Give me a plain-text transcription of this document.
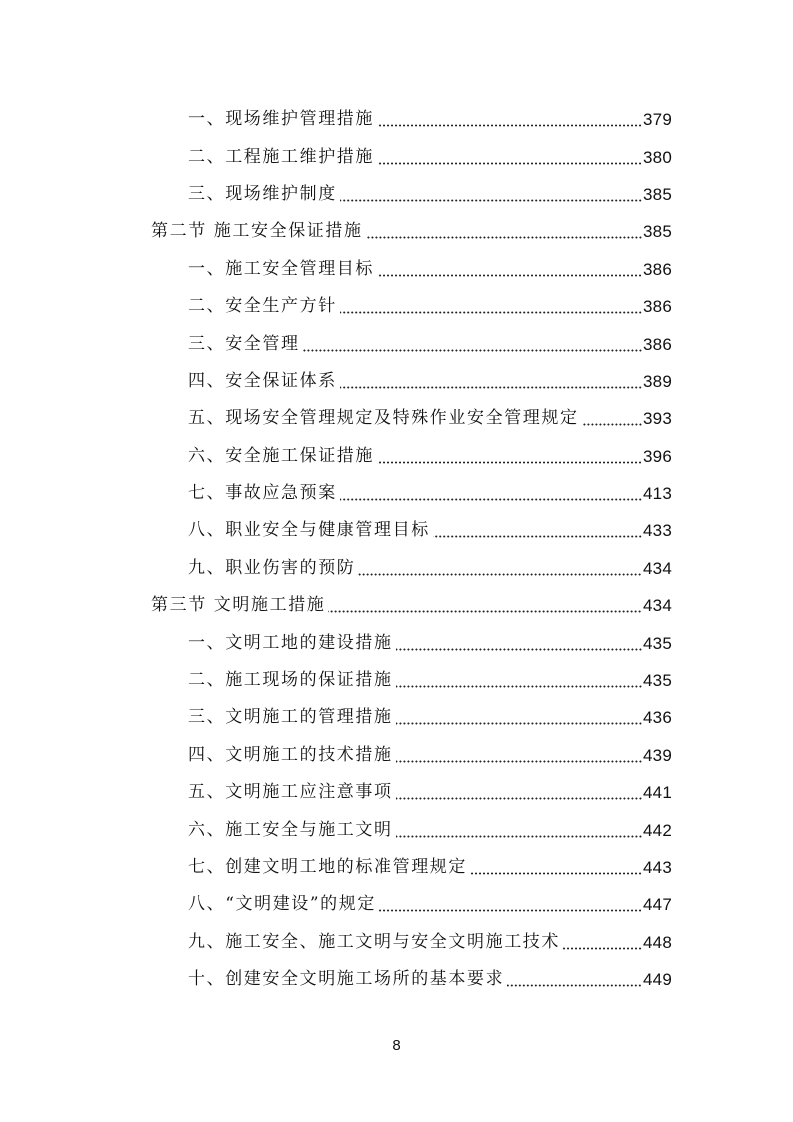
一、现场维护管理措施	379
二、工程施工维护措施	380
三、现场维护制度	385
第二节 施工安全保证措施	385
一、施工安全管理目标	386
二、安全生产方针	386
三、安全管理	386
四、安全保证体系	389
五、现场安全管理规定及特殊作业安全管理规定	393
六、安全施工保证措施	396
七、事故应急预案	413
八、职业安全与健康管理目标	433
九、职业伤害的预防	434
第三节 文明施工措施	434
一、文明工地的建设措施	435
二、施工现场的保证措施	435
三、文明施工的管理措施	436
四、文明施工的技术措施	439
五、文明施工应注意事项	441
六、施工安全与施工文明	442
七、创建文明工地的标准管理规定	443
八、“文明建设”的规定	447
九、施工安全、施工文明与安全文明施工技术	448
十、创建安全文明施工场所的基本要求	449
8
